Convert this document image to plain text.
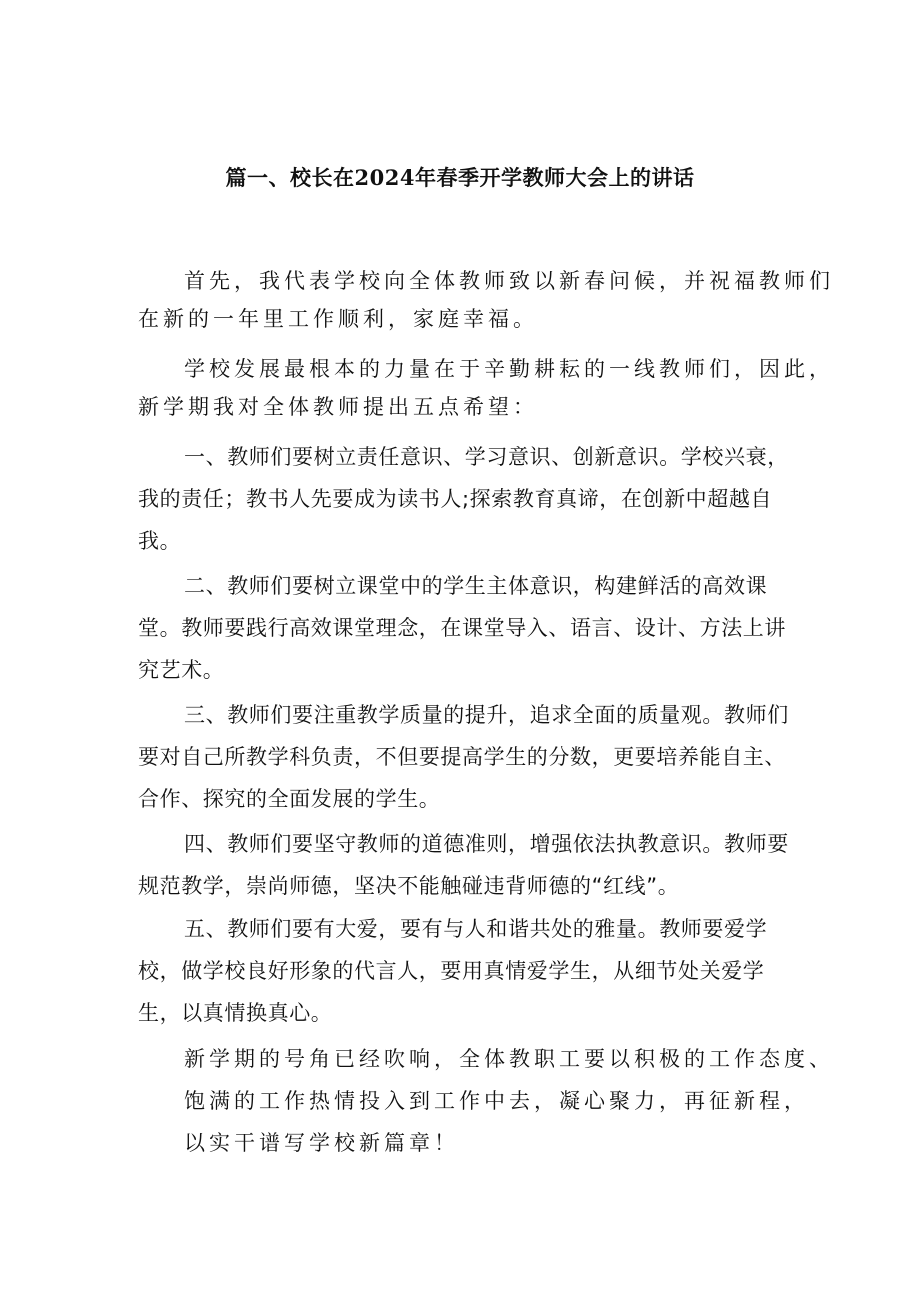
篇一、校长在2024年春季开学教师大会上的讲话
首先，我代表学校向全体教师致以新春问候，并祝福教师们
在新的一年里工作顺利，家庭幸福。
学校发展最根本的力量在于辛勤耕耘的一线教师们，因此，
新学期我对全体教师提出五点希望：
一、教师们要树立责任意识、学习意识、创新意识。学校兴衰，我的责任；教书人先要成为读书人;探索教育真谛，在创新中超越自我。
二、教师们要树立课堂中的学生主体意识，构建鲜活的高效课堂。教师要践行高效课堂理念，在课堂导入、语言、设计、方法上讲究艺术。
三、教师们要注重教学质量的提升，追求全面的质量观。教师们要对自己所教学科负责，不但要提高学生的分数，更要培养能自主、合作、探究的全面发展的学生。
四、教师们要坚守教师的道德准则，增强依法执教意识。教师要规范教学，崇尚师德，坚决不能触碰违背师德的“红线”。
五、教师们要有大爱，要有与人和谐共处的雅量。教师要爱学校，做学校良好形象的代言人，要用真情爱学生，从细节处关爱学生，以真情换真心。
新学期的号角已经吹响，全体教职工要以积极的工作态度、
饱满的工作热情投入到工作中去，凝心聚力，再征新程，
以实干谱写学校新篇章！
